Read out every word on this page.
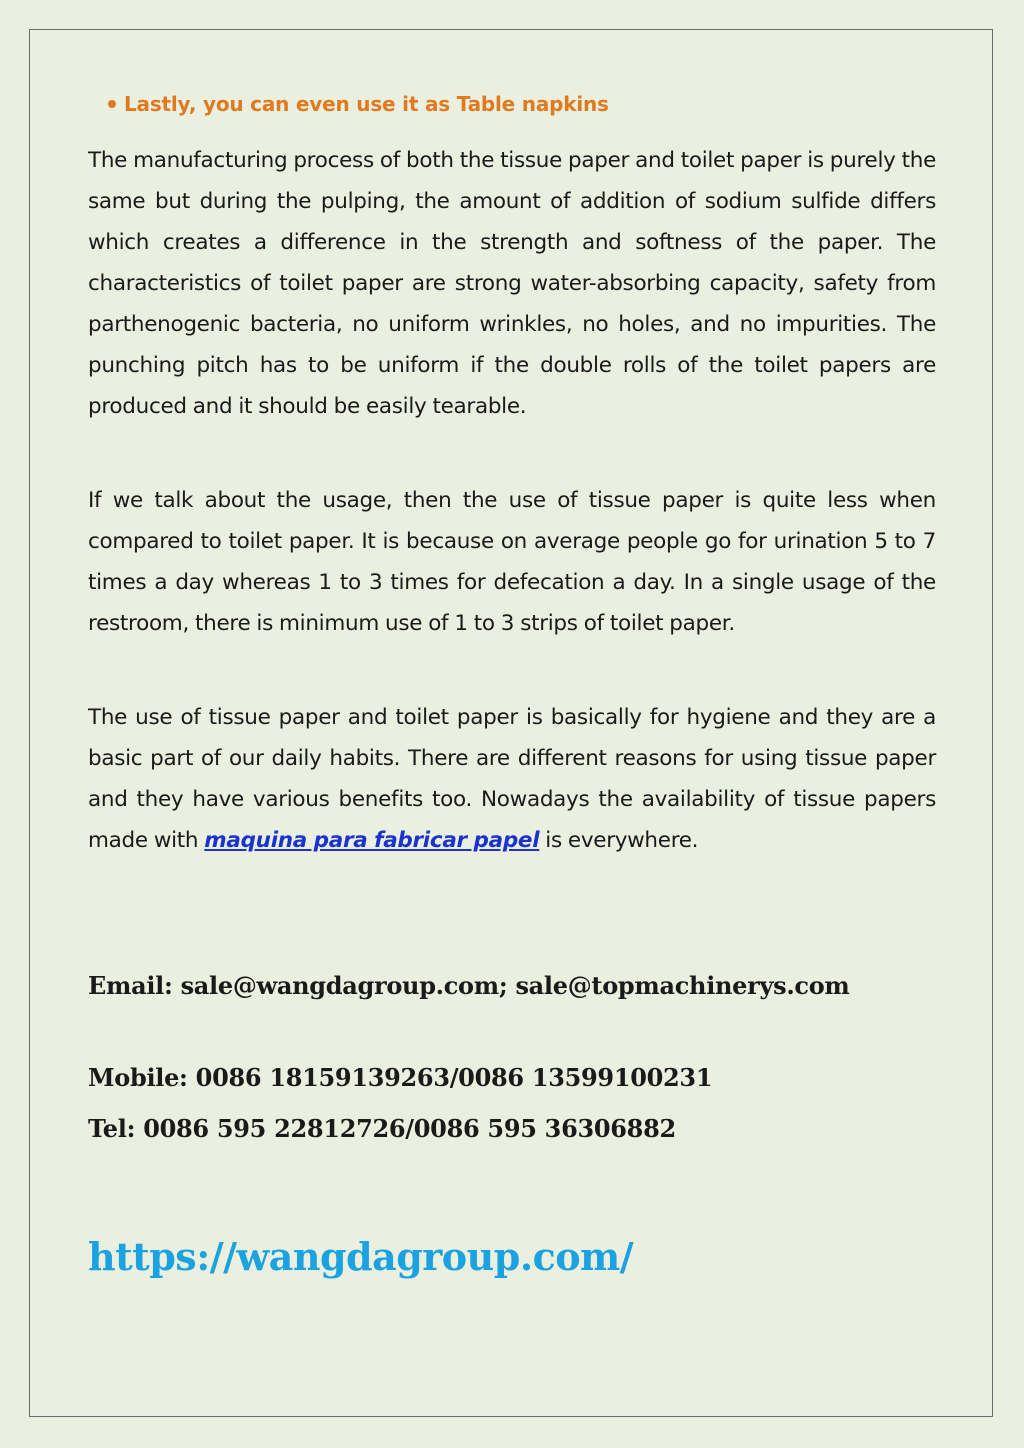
Lastly, you can even use it as Table napkins
The manufacturing process of both the tissue paper and toilet paper is purely the same but during the pulping, the amount of addition of sodium sulfide differs which creates a difference in the strength and softness of the paper. The characteristics of toilet paper are strong water-absorbing capacity, safety from parthenogenic bacteria, no uniform wrinkles, no holes, and no impurities. The punching pitch has to be uniform if the double rolls of the toilet papers are produced and it should be easily tearable.
If we talk about the usage, then the use of tissue paper is quite less when compared to toilet paper. It is because on average people go for urination 5 to 7 times a day whereas 1 to 3 times for defecation a day. In a single usage of the restroom, there is minimum use of 1 to 3 strips of toilet paper.
The use of tissue paper and toilet paper is basically for hygiene and they are a basic part of our daily habits. There are different reasons for using tissue paper and they have various benefits too. Nowadays the availability of tissue papers made with maquina para fabricar papel is everywhere.
Email: sale@wangdagroup.com; sale@topmachinerys.com
Mobile: 0086 18159139263/0086 13599100231
Tel: 0086 595 22812726/0086 595 36306882
https://wangdagroup.com/
